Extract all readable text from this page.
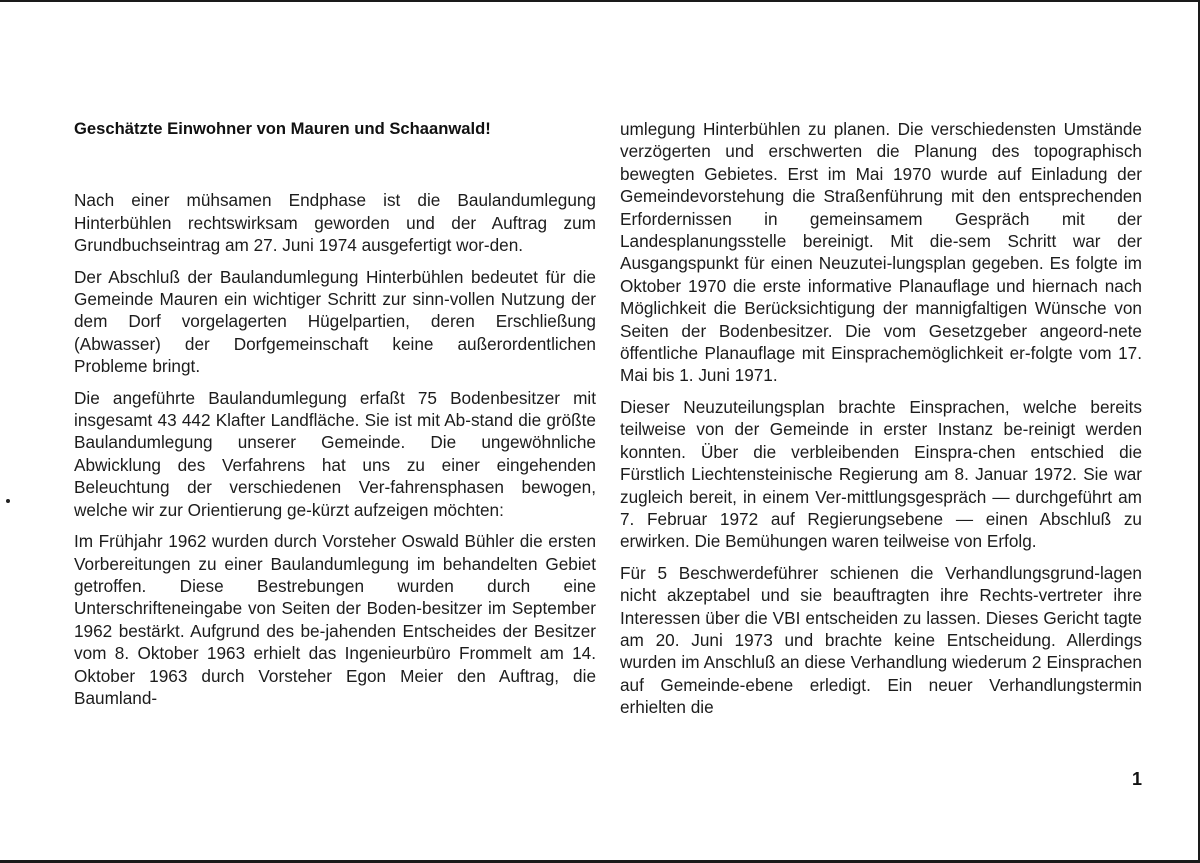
Geschätzte Einwohner von Mauren und Schaanwald!

Nach einer mühsamen Endphase ist die Baulandumlegung Hinterbühlen rechtswirksam geworden und der Auftrag zum Grundbuchseintrag am 27. Juni 1974 ausgefertigt wor-den.

Der Abschluß der Baulandumlegung Hinterbühlen bedeutet für die Gemeinde Mauren ein wichtiger Schritt zur sinn-vollen Nutzung der dem Dorf vorgelagerten Hügelpartien, deren Erschließung (Abwasser) der Dorfgemeinschaft keine außerordentlichen Probleme bringt.

Die angeführte Baulandumlegung erfaßt 75 Bodenbesitzer mit insgesamt 43 442 Klafter Landfläche. Sie ist mit Ab-stand die größte Baulandumlegung unserer Gemeinde. Die ungewöhnliche Abwicklung des Verfahrens hat uns zu einer eingehenden Beleuchtung der verschiedenen Ver-fahrensphasen bewogen, welche wir zur Orientierung ge-kürzt aufzeigen möchten:

Im Frühjahr 1962 wurden durch Vorsteher Oswald Bühler die ersten Vorbereitungen zu einer Baulandumlegung im behandelten Gebiet getroffen. Diese Bestrebungen wurden durch eine Unterschrifteneingabe von Seiten der Boden-besitzer im September 1962 bestärkt. Aufgrund des be-jahenden Entscheides der Besitzer vom 8. Oktober 1963 erhielt das Ingenieurbüro Frommelt am 14. Oktober 1963 durch Vorsteher Egon Meier den Auftrag, die Baumland-

umlegung Hinterbühlen zu planen. Die verschiedensten Umstände verzögerten und erschwerten die Planung des topographisch bewegten Gebietes. Erst im Mai 1970 wurde auf Einladung der Gemeindevorstehung die Straßenführung mit den entsprechenden Erfordernissen in gemeinsamem Gespräch mit der Landesplanungsstelle bereinigt. Mit die-sem Schritt war der Ausgangspunkt für einen Neuzutei-lungsplan gegeben. Es folgte im Oktober 1970 die erste informative Planauflage und hiernach nach Möglichkeit die Berücksichtigung der mannigfaltigen Wünsche von Seiten der Bodenbesitzer. Die vom Gesetzgeber angeord-nete öffentliche Planauflage mit Einsprachemöglichkeit er-folgte vom 17. Mai bis 1. Juni 1971.

Dieser Neuzuteilungsplan brachte Einsprachen, welche bereits teilweise von der Gemeinde in erster Instanz be-reinigt werden konnten. Über die verbleibenden Einspra-chen entschied die Fürstlich Liechtensteinische Regierung am 8. Januar 1972. Sie war zugleich bereit, in einem Ver-mittlungsgespräch — durchgeführt am 7. Februar 1972 auf Regierungsebene — einen Abschluß zu erwirken. Die Bemühungen waren teilweise von Erfolg.

Für 5 Beschwerdeführer schienen die Verhandlungsgrund-lagen nicht akzeptabel und sie beauftragten ihre Rechts-vertreter ihre Interessen über die VBI entscheiden zu lassen. Dieses Gericht tagte am 20. Juni 1973 und brachte keine Entscheidung. Allerdings wurden im Anschluß an diese Verhandlung wiederum 2 Einsprachen auf Gemeinde-ebene erledigt. Ein neuer Verhandlungstermin erhielten die

1
